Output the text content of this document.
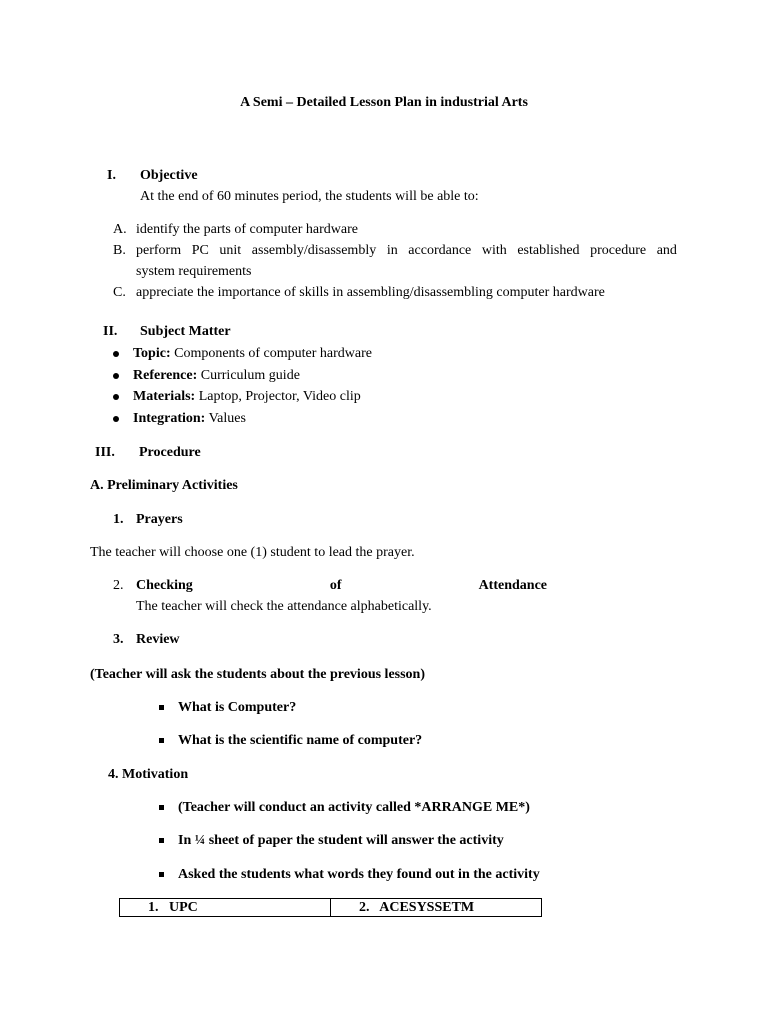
A Semi – Detailed Lesson Plan in industrial Arts
I. Objective
At the end of 60 minutes period, the students will be able to:
A. identify the parts of computer hardware
B. perform PC unit assembly/disassembly in accordance with established procedure and
system requirements
C. appreciate the importance of skills in assembling/disassembling computer hardware
II. Subject Matter
Topic: Components of computer hardware
Reference: Curriculum guide
Materials: Laptop, Projector, Video clip
Integration: Values
III. Procedure
A. Preliminary Activities
1. Prayers
The teacher will choose one (1) student to lead the prayer.
2. Checking	of	Attendance
The teacher will check the attendance alphabetically.
3. Review
(Teacher will ask the students about the previous lesson)
What is Computer?
What is the scientific name of computer?
4. Motivation
(Teacher will conduct an activity called *ARRANGE ME*)
In ¼ sheet of paper the student will answer the activity
Asked the students what words they found out in the activity
1.   UPC	2.   ACESYSSETM
